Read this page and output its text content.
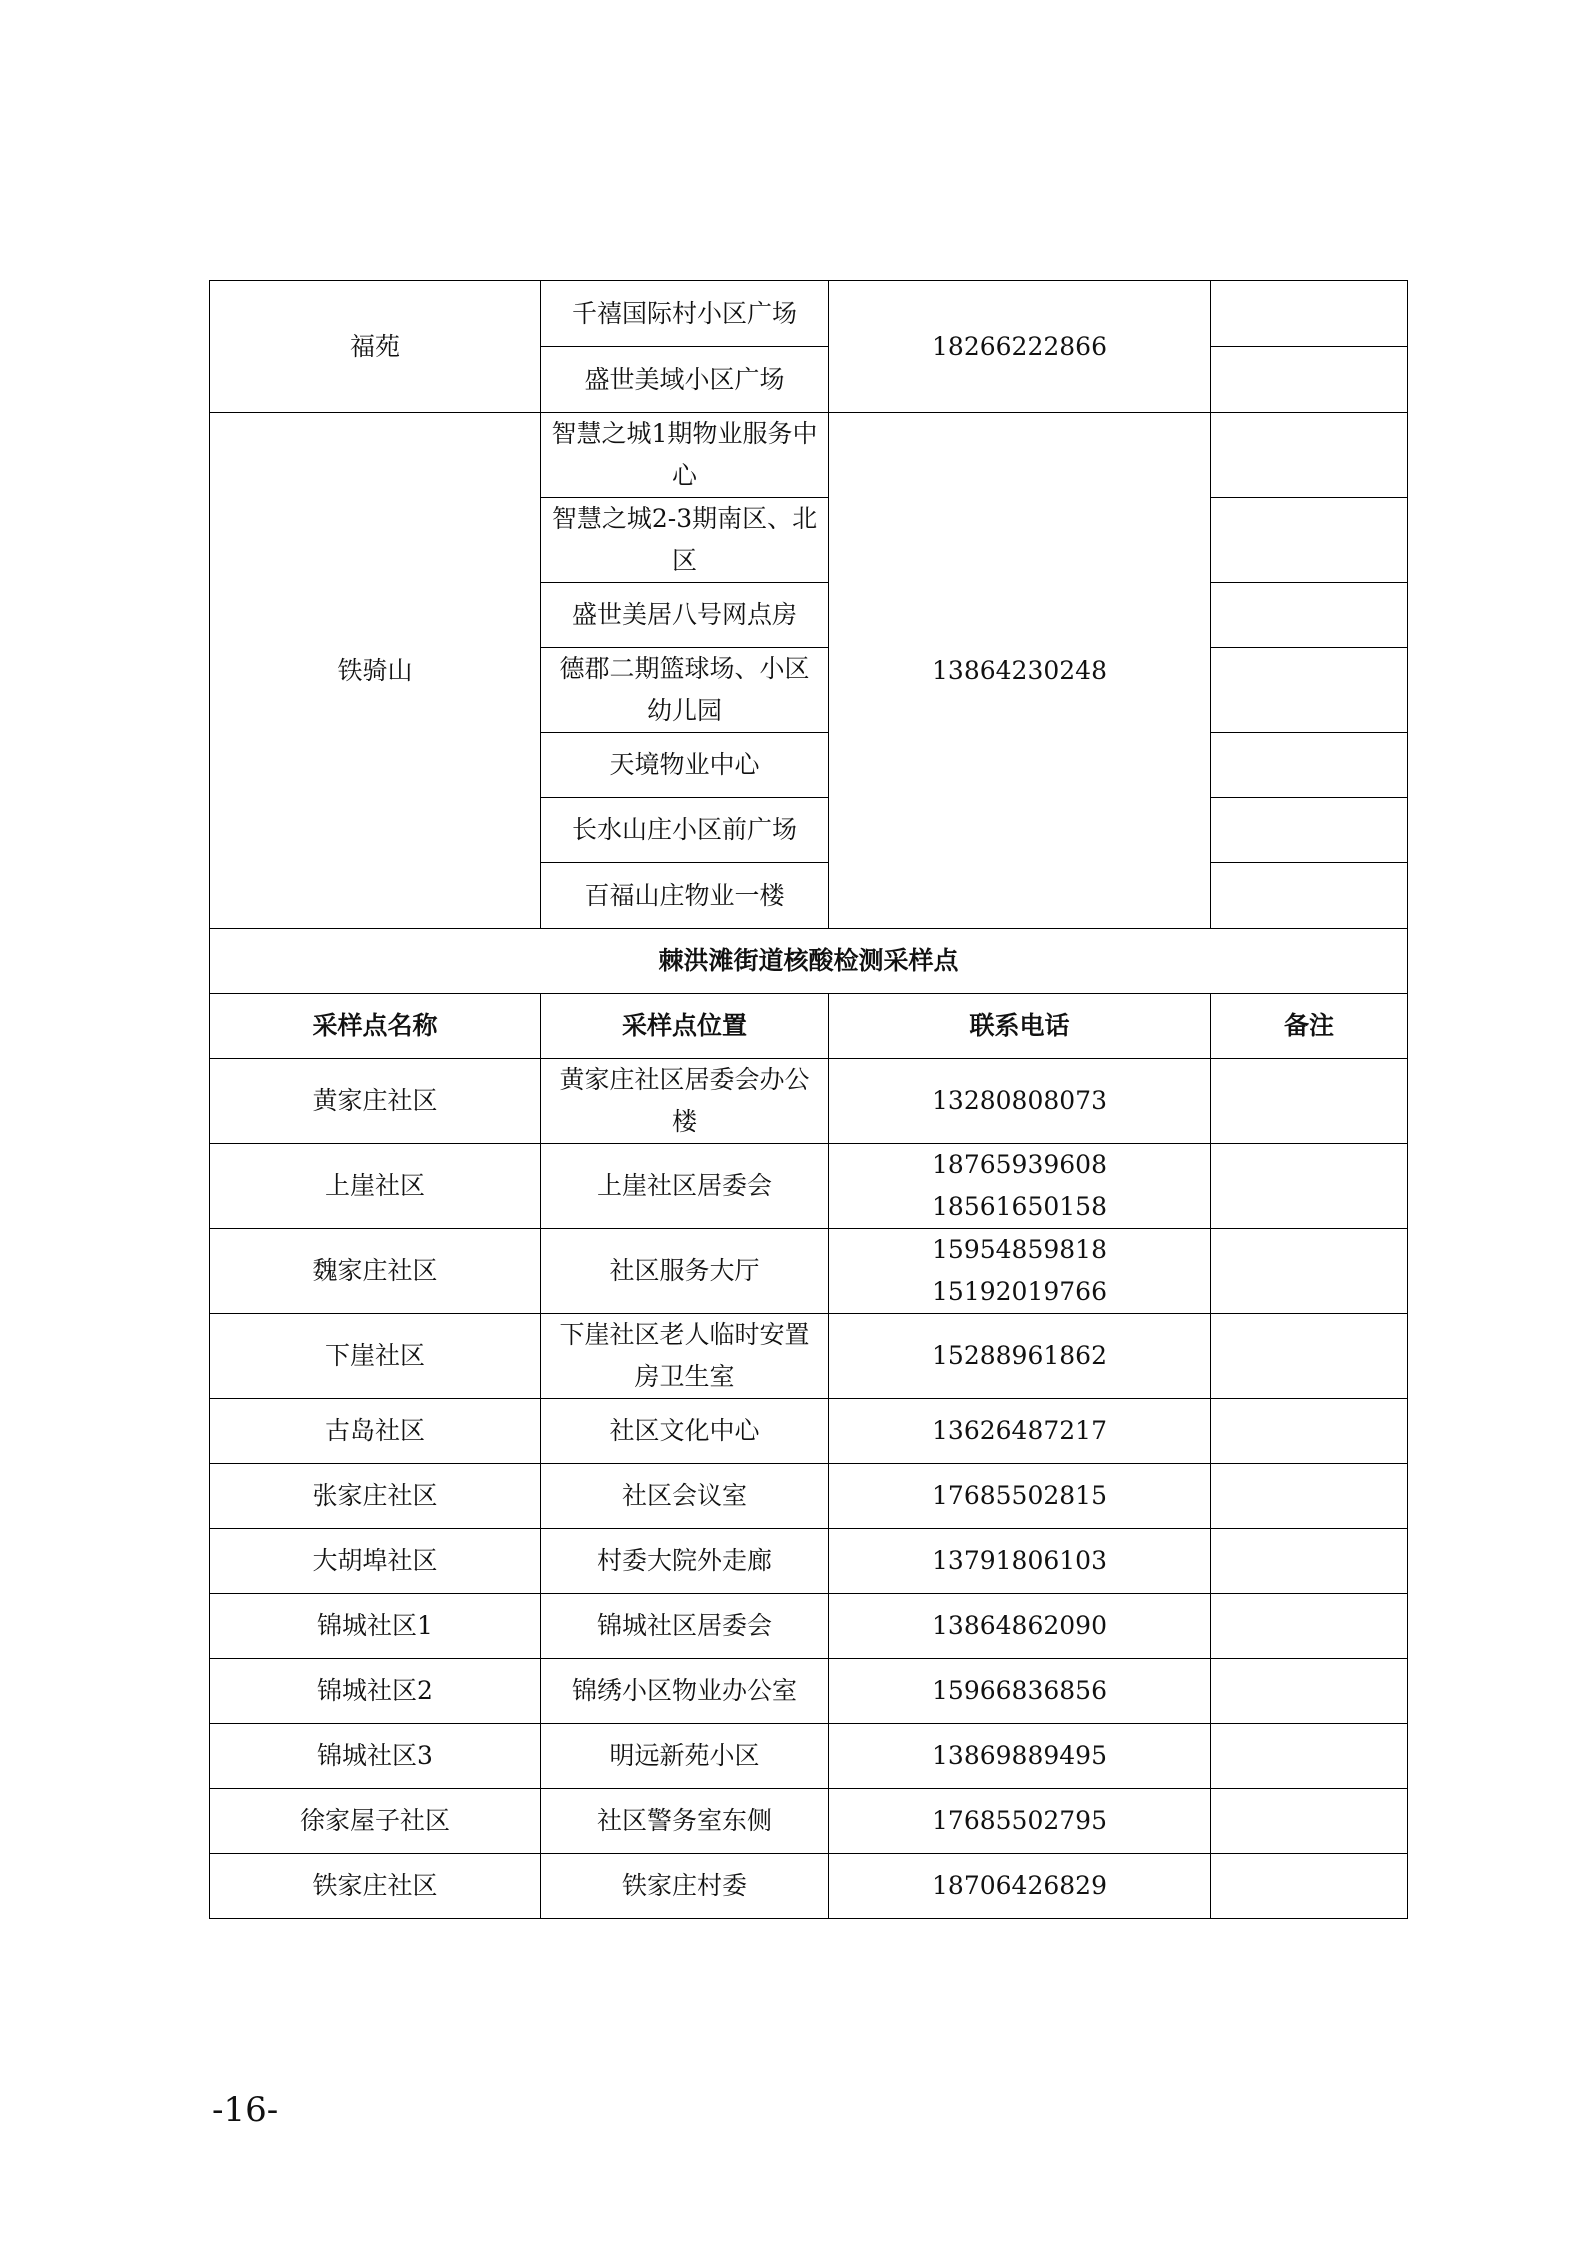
福苑	千禧国际村小区广场	18266222866	
	盛世美域小区广场		
铁骑山	智慧之城1期物业服务中心	13864230248	
	智慧之城2-3期南区、北区		
	盛世美居八号网点房		
	德郡二期篮球场、小区幼儿园		
	天境物业中心		
	长水山庄小区前广场		
	百福山庄物业一楼		
棘洪滩街道核酸检测采样点			
采样点名称	采样点位置	联系电话	备注
黄家庄社区	黄家庄社区居委会办公楼	13280808073	

上崖社区	上崖社区居委会	18765939608
18561650158	

魏家庄社区	社区服务大厅	15954859818
15192019766	

下崖社区	下崖社区老人临时安置房卫生室	15288961862	

古岛社区	社区文化中心	13626487217	

张家庄社区	社区会议室	17685502815	

大胡埠社区	村委大院外走廊	13791806103	

锦城社区1	锦城社区居委会	13864862090	

锦城社区2	锦绣小区物业办公室	15966836856	

锦城社区3	明远新苑小区	13869889495	

徐家屋子社区	社区警务室东侧	17685502795	

铁家庄社区	铁家庄村委	18706426829	

-16-
